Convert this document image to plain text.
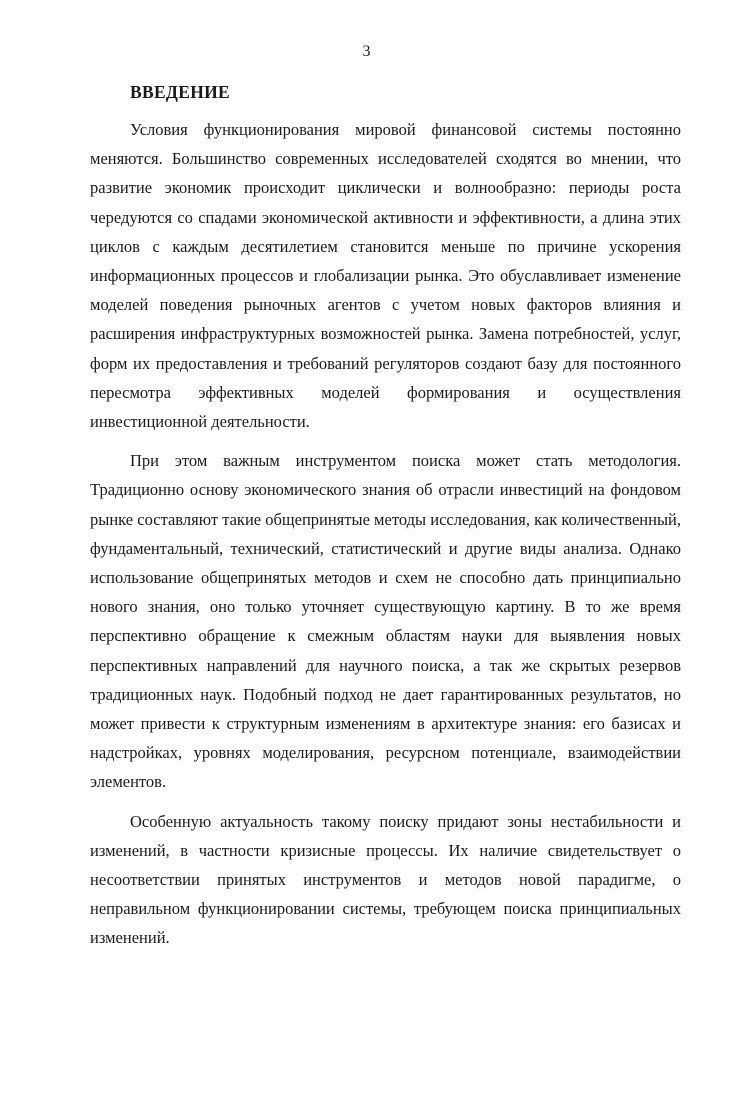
3
ВВЕДЕНИЕ

Условия функционирования мировой финансовой системы постоянно меняются. Большинство современных исследователей сходятся во мнении, что развитие экономик происходит циклически и волнообразно: периоды роста чередуются со спадами экономической активности и эффективности, а длина этих циклов с каждым десятилетием становится меньше по причине ускорения информационных процессов и глобализации рынка. Это обуславливает изменение моделей поведения рыночных агентов с учетом новых факторов влияния и расширения инфраструктурных возможностей рынка. Замена потребностей, услуг, форм их предоставления и требований регуляторов создают базу для постоянного пересмотра эффективных моделей формирования и осуществления инвестиционной деятельности.

При этом важным инструментом поиска может стать методология. Традиционно основу экономического знания об отрасли инвестиций на фондовом рынке составляют такие общепринятые методы исследования, как количественный, фундаментальный, технический, статистический и другие виды анализа. Однако использование общепринятых методов и схем не способно дать принципиально нового знания, оно только уточняет существующую картину. В то же время перспективно обращение к смежным областям науки для выявления новых перспективных направлений для научного поиска, а так же скрытых резервов традиционных наук. Подобный подход не дает гарантированных результатов, но может привести к структурным изменениям в архитектуре знания: его базисах и надстройках, уровнях моделирования, ресурсном потенциале, взаимодействии элементов.

Особенную актуальность такому поиску придают зоны нестабильности и изменений, в частности кризисные процессы. Их наличие свидетельствует о несоответствии принятых инструментов и методов новой парадигме, о неправильном функционировании системы, требующем поиска принципиальных изменений.
